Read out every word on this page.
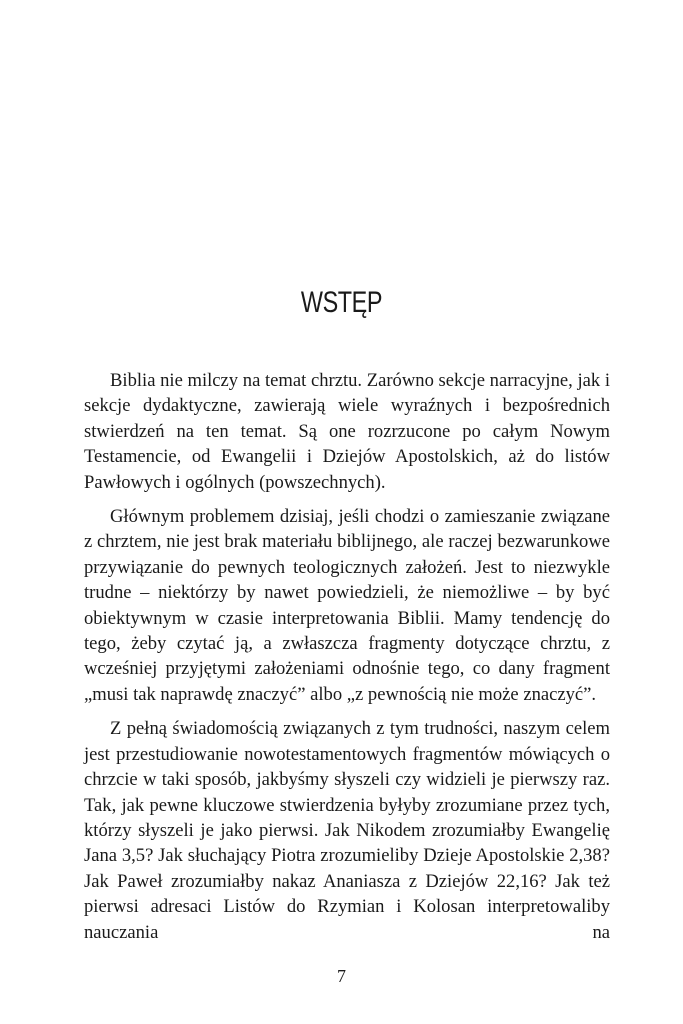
WSTĘP

Biblia nie milczy na temat chrztu. Zarówno sekcje narracyjne, jak i sekcje dydaktyczne, zawierają wiele wyraźnych i bezpośrednich stwierdzeń na ten temat. Są one rozrzucone po całym Nowym Testamencie, od Ewangelii i Dziejów Apostolskich, aż do listów Pawłowych i ogólnych (powszechnych).

Głównym problemem dzisiaj, jeśli chodzi o zamieszanie związane z chrztem, nie jest brak materiału biblijnego, ale raczej bezwarunkowe przywiązanie do pewnych teologicznych założeń. Jest to niezwykle trudne – niektórzy by nawet powiedzieli, że niemożliwe – by być obiektywnym w czasie interpretowania Biblii. Mamy tendencję do tego, żeby czytać ją, a zwłaszcza fragmenty dotyczące chrztu, z wcześniej przyjętymi założeniami odnośnie tego, co dany fragment „musi tak naprawdę znaczyć” albo „z pewnością nie może znaczyć”.

Z pełną świadomością związanych z tym trudności, naszym celem jest przestudiowanie nowotestamentowych fragmentów mówiących o chrzcie w taki sposób, jakbyśmy słyszeli czy widzieli je pierwszy raz. Tak, jak pewne kluczowe stwierdzenia byłyby zrozumiane przez tych, którzy słyszeli je jako pierwsi. Jak Nikodem zrozumiałby Ewangelię Jana 3,5? Jak słuchający Piotra zrozumieliby Dzieje Apostolskie 2,38? Jak Paweł zrozumiałby nakaz Ananiasza z Dziejów 22,16? Jak też pierwsi adresaci Listów do Rzymian i Kolosan interpretowaliby nauczania na

7
